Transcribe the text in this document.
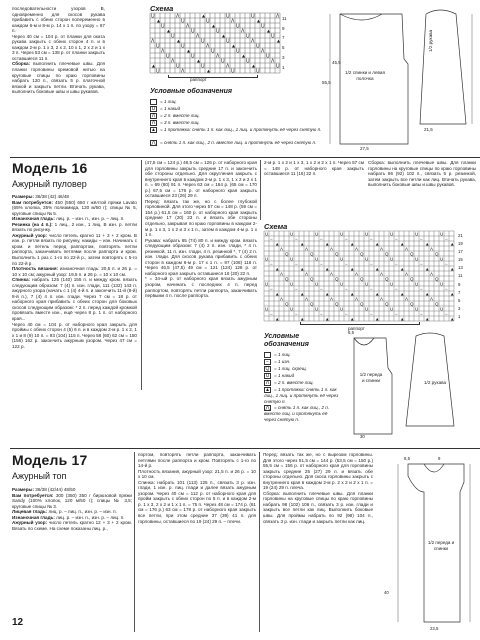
последовательности узоров В, одновременно для скосов рукава прибавить с обеих сторон попеременно в каждом 6-м и 8-м р. 14 х 1 п. по узору = 67 п.

Через 40 см = 104 р. от планки для оката рукава закрыть с обеих сторон 4 п. и в каждом 2-м р. 1 х 3, 2 х 2, 10 х 1, 2 х 2 и 1 х 3 п. Через 53 см = 138 р. от планки закрыть оставшиеся 11 п.

Сборка: выполнить плечевые швы. Для планки горловины кремовой нитью на круговые спицы по краю горловины набрать 120 п., связать 5 р. платочной вязкой и закрыть петли. Втачать рукава, выполнить боковые швы и швы рукавов.

Схема
U	Λ	▲	U	U	Λ
▲	U	U	Λ	▲
U	Λ	▲	U	U
▲	U	U	Λ	▲
U	Λ	▲	U	U
Λ	▲	U	U	Λ	▲
U	U	Λ	▲	U
Λ	▲	U	U	Λ
U	U	Λ	▲	U
Λ	▲	U	U	Λ
▲	U	U	Λ	▲	U
U	Λ	▲	U	U
11
9
7
5
3
1
раппорт
Условные обозначения
= 1 лиц.
U = 1 накид
Λ = 2 п. вместе лиц.
Λ = 3 п. вместе лиц.
▲ = 1 протяжка: снять 1 п. как лиц., 1 лиц. и протянуть её через снятую п.
⋀ = снять 1 п. как лиц., 2 п. вместе лиц. и протянуть её через снятую п.
1/2 спинки и левая полочка
1/2 рукава
45,5
55,5
27,5
21,5
Модель 16
Ажурный пуловер

Размеры: 36/38 (42) 46/48

Вам потребуется: 450 (550) 650 г жёлтой пряжи Lavato (65% хлопка, 35% полиамида, 120 м/50 г); спицы № 5, круговые спицы № 5.

Изнаночная гладь: лиц. р. – изн. п., изн. р. – лиц. п.

Резинка (на 4 п.): 1 лиц., 2 изн., 1 лиц. В изн. р. петли вязать по рисунку.

Ажурный узор: число петель кратно 11 + 3 + 2 кром. В изн. р. петли вязать по рисунку, накиды – изн. Начинать с кром. и петель перед раппортом, повторять петли раппорта, заканчивать петлями после раппорта и кром. Выполнить 1 раз с 1-го по 22-й р., затем повторять с 5-го по 22-й р.

Плотность вязания: изнаночная гладь: 20,5 п. и 26 р. = 10 х 10 см; ажурный узор: 19,5 п. и 26 р. = 10 х 10 см.

Спинка: набрать 125 (140) 155 п. и между кром. вязать следующим образом: 7 (4) п. изн. глади, 111 (132) 143 п. ажурного узора (начать с 1 (4) 4-й п. и закончить 11-й (8-й) 8-й п.), 7 (4) 4 п. изн. глади. Через 7 см = 18 р. от наборного края прибавить с обеих сторон для боковых скосов следующим образом: * 2 п. перед каждой кромкой провязать вместе изн., ещё через 8 р. 1 п. от наборного края...

Через 40 см = 104 р. от наборного края закрыть для проймы с обеих сторон 4 (5) 6 п. и в каждом 2-м р. 1 х 2, 1 х 1 и 8 (9) 10 п. = 93 (104) 115 п. Через 58 (60) 62 см = 150 (156) 162 р. закончить ажурным узором. Через 47 см = 122 р.

(47,5 см = 124 р.) 48,5 см = 126 р. от наборного края для горловины закрыть средние 17 п. и закончить обе стороны отдельно. Для округления закрыть с внутреннего края в каждом 2-м р. 1 х 3, 1 х 2 и 2 х 1 п. = 69 (80) 91 п. Через 63 см = 164 р. (65 см = 170 р.) 67,5 см = 176 р. от наборного края закрыть оставшиеся 23 (26) 29 п.

Перед: вязать так же, но с более глубокой горловиной. Для этого через 57 см = 148 р. (59 см = 154 р.) 61,5 см = 160 р. от наборного края закрыть средние 17 (20) 23 п. и вязать обе стороны отдельно, закрывая по краю горловины в каждом 2-м р. 1 х 3, 1 х 2 и 3 х 1 п., затем в каждом 4-м р. 1 х 1 п.

Рукава: набрать 65 (74) 80 п. и между кром. вязать следующим образом: 7 (4) 2 п. изн. глади, * 4 п. резинкой, 11 п. изн. глади, 4 п. резинкой *, 7 (4) 2 п. изн. глади. Для скосов рукава прибавить с обеих сторон в каждом 6-м р. 17 х 1 п. = 97 (108) 116 п. Через 46,5 (47,5) 49 см = 121 (124) 128 р. от наборного края закрыть оставшиеся 16 (20) 22 п.

* = 34-ый р. от наборного края вязать ажурным узором, начинать с последних 4 п. перед раппортом, повторять петли раппорта, заканчивать первыми 4 п. после раппорта.

2-м р. 1 х 2 и 1 х 3, 1 х 2 и 2 х 1 п. Через 57 см = 148 р. от наборного края закрыть оставшиеся 11 (16) 22 п.

Сборка: выполнить плечевые швы. Для планки горловины на круговые спицы по краю горловины набрать 86 (92) 102 п., связать 5 р. резинкой, затем закрыть все петли как лиц. Втачать рукава, выполнить боковые швы и швы рукавов.

Схема
U	U	U	U	U	U	U	U
−	−	−	−	−	−	−	−
▲	▲	▲	▲	▲	▲	▲	▲
Λ	Λ	Λ	Λ	Λ	Λ	Λ
Q	Q	Q	Q	Q	Q	Q
U	U	U	U	U	U	U	U
−	−	−	−	−	−	−	−
▲	▲	▲	▲	▲	▲	▲	▲
Λ	Λ	Λ	Λ	Λ	Λ	Λ
Q	Q	Q	Q	Q	Q	Q
U	U	U	U	U	U	U	U
−	−	−	−	−	−	−	−
▲	▲	▲	▲	▲	▲	▲	▲
Λ	Λ	Λ	Λ	Λ	Λ	Λ
Q	Q	Q	Q	Q	Q	Q
U	U	U	U	U	U	U	U
−	−	−	−	−	−	−	−
▲	▲	▲	▲	▲	▲	▲	▲
21
19
17
15
13
11
9
7
5
3
1
раппорт
Условные обозначения
= 1 лиц.
− = 1 изн.
Q = 1 лиц. скрещ.
U = 1 накид
Λ = 2 п. вместе лиц.
▲ = 1 протяжка: снять 1 п. как лиц., 1 лиц. и протянуть её через снятую п.
⋀ = снять 1 п. как лиц., 2 п. вместе лиц. и протянуть её через снятую п.
1/2 переда и спинки	1/2 рукава
8,5
30
Модель 17
Ажурный топ

Размеры: 36/38 (42/44) 48/50

Вам потребуется: 300 (350) 350 г бирюзовой пряжи Sandy (100% хлопок, 120 м/50 г); спицы № 3,5; круговые спицы № 3.

Лицевая гладь: лиц. р. – лиц. п., изн. р. – изн. п.

Изнаночная гладь: лиц. р. – изн. п., изн. р. – лиц. п.

Ажурный узор: число петель кратно 12 + 3 + 2 кром. Вязать по схеме. На схеме показаны лиц. р.,

портом, повторять петли раппорта, заканчивать петлями после раппорта и кром. Повторять с 1-го по 14-й р.

Плотность вязания, ажурный узор: 21,5 п. и 26 р. = 10 х 10 см.

Спинка: набрать 101 (113) 125 п., связать 3 р. изн. глади, 1 изн. р. лиц. глади и далее вязать ажурным узором. Через 40 см = 112 р. от наборного края для пройм закрыть с обеих сторон по 5 п. и в каждом 2-м р. 1 х 3, 2 х 2 и 1 х 1 п. = 75 п. Через 48 см = 174 р. (61 см = 176 р.) 63 см = 178 р. от наборного края закрыть все петли, при этом средние 37 (39) 41 п. для горловины, оставшиеся по 19 (24) 29 п. – плечи.

Перед: вязать так же, но с вырезом горловины. Для этого через 51,5 см = 144 р. (53,5 см = 150 р.) 55,5 см = 156 р. от наборного края для горловины закрыть средние 25 (27) 29 п. и вязать обе стороны отдельно. Для скоса горловины закрыть с внутреннего края в каждом 2-м р. 2 х 2 и 2 х 1 п. = 19 (24) 29 п. плеча.

Сборка: выполнить плечевые швы. Для планки горловины на круговые спицы по краю горловины набрать 98 (102) 106 п., связать 3 р. изн. глади и закрыть все петли как лиц. Выполнить боковые швы. Для проймы набрать по 92 (98) 104 п., связать 3 р. изн. глади и закрыть петли как лиц.

1/2 переда и спинки
8,5	9
40
23,5
12
